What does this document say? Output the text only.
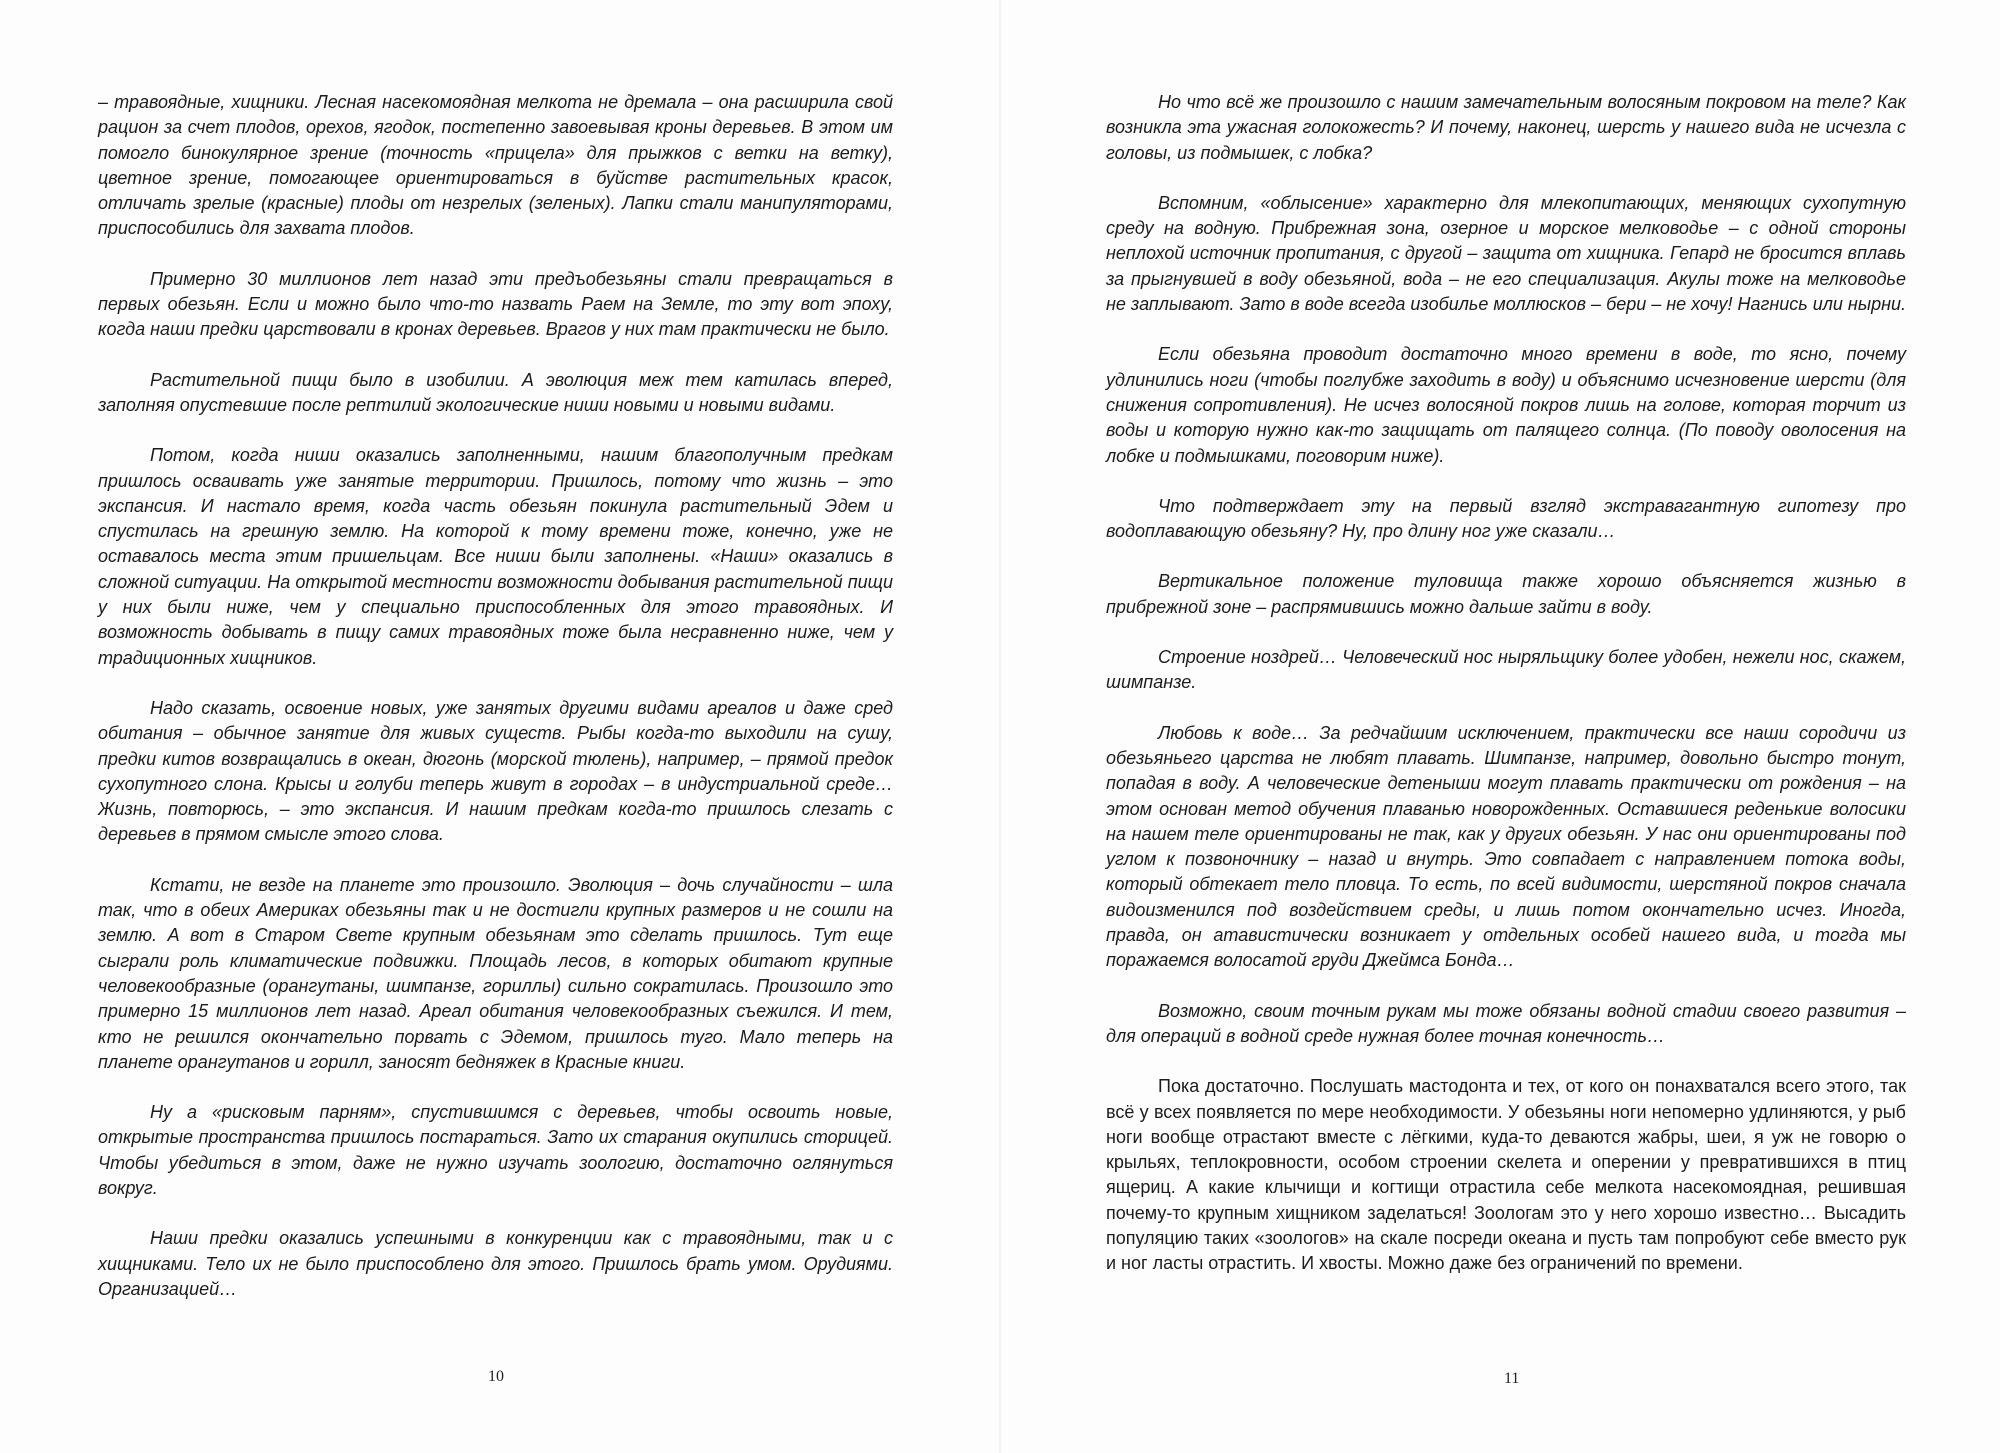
– травоядные, хищники. Лесная насекомоядная мелкота не дремала – она расширила свой рацион за счет плодов, орехов, ягодок, постепенно завоевывая кроны деревьев. В этом им помогло бинокулярное зрение (точность «прицела» для прыжков с ветки на ветку), цветное зрение, помогающее ориентироваться в буйстве растительных красок, отличать зрелые (красные) плоды от незрелых (зеленых). Лапки стали манипуляторами, приспособились для захвата плодов.

Примерно 30 миллионов лет назад эти предъобезьяны стали превращаться в первых обезьян. Если и можно было что-то назвать Раем на Земле, то эту вот эпоху, когда наши предки царствовали в кронах деревьев. Врагов у них там практически не было.

Растительной пищи было в изобилии. А эволюция меж тем катилась вперед, заполняя опустевшие после рептилий экологические ниши новыми и новыми видами.

Потом, когда ниши оказались заполненными, нашим благополучным предкам пришлось осваивать уже занятые территории. Пришлось, потому что жизнь – это экспансия. И настало время, когда часть обезьян покинула растительный Эдем и спустилась на грешную землю. На которой к тому времени тоже, конечно, уже не оставалось места этим пришельцам. Все ниши были заполнены. «Наши» оказались в сложной ситуации. На открытой местности возможности добывания растительной пищи у них были ниже, чем у специально приспособленных для этого травоядных. И возможность добывать в пищу самих травоядных тоже была несравненно ниже, чем у традиционных хищников.

Надо сказать, освоение новых, уже занятых другими видами ареалов и даже сред обитания – обычное занятие для живых существ. Рыбы когда-то выходили на сушу, предки китов возвращались в океан, дюгонь (морской тюлень), например, – прямой предок сухопутного слона. Крысы и голуби теперь живут в городах – в индустриальной среде… Жизнь, повторюсь, – это экспансия. И нашим предкам когда-то пришлось слезать с деревьев в прямом смысле этого слова.

Кстати, не везде на планете это произошло. Эволюция – дочь случайности – шла так, что в обеих Америках обезьяны так и не достигли крупных размеров и не сошли на землю. А вот в Старом Свете крупным обезьянам это сделать пришлось. Тут еще сыграли роль климатические подвижки. Площадь лесов, в которых обитают крупные человекообразные (орангутаны, шимпанзе, гориллы) сильно сократилась. Произошло это примерно 15 миллионов лет назад. Ареал обитания человекообразных съежился. И тем, кто не решился окончательно порвать с Эдемом, пришлось туго. Мало теперь на планете орангутанов и горилл, заносят бедняжек в Красные книги.

Ну а «рисковым парням», спустившимся с деревьев, чтобы освоить новые, открытые пространства пришлось постараться. Зато их старания окупились сторицей. Чтобы убедиться в этом, даже не нужно изучать зоологию, достаточно оглянуться вокруг.

Наши предки оказались успешными в конкуренции как с травоядными, так и с хищниками. Тело их не было приспособлено для этого. Пришлось брать умом. Орудиями. Организацией…

10

Но что всё же произошло с нашим замечательным волосяным покровом на теле? Как возникла эта ужасная голокожесть? И почему, наконец, шерсть у нашего вида не исчезла с головы, из подмышек, с лобка?

Вспомним, «облысение» характерно для млекопитающих, меняющих сухопутную среду на водную. Прибрежная зона, озерное и морское мелководье – с одной стороны неплохой источник пропитания, с другой – защита от хищника. Гепард не бросится вплавь за прыгнувшей в воду обезьяной, вода – не его специализация. Акулы тоже на мелководье не заплывают. Зато в воде всегда изобилье моллюсков – бери – не хочу! Нагнись или нырни.

Если обезьяна проводит достаточно много времени в воде, то ясно, почему удлинились ноги (чтобы поглубже заходить в воду) и объяснимо исчезновение шерсти (для снижения сопротивления). Не исчез волосяной покров лишь на голове, которая торчит из воды и которую нужно как-то защищать от палящего солнца. (По поводу оволосения на лобке и подмышками, поговорим ниже).

Что подтверждает эту на первый взгляд экстравагантную гипотезу про водоплавающую обезьяну? Ну, про длину ног уже сказали…

Вертикальное положение туловища также хорошо объясняется жизнью в прибрежной зоне – распрямившись можно дальше зайти в воду.

Строение ноздрей… Человеческий нос ныряльщику более удобен, нежели нос, скажем, шимпанзе.

Любовь к воде… За редчайшим исключением, практически все наши сородичи из обезьяньего царства не любят плавать. Шимпанзе, например, довольно быстро тонут, попадая в воду. А человеческие детеныши могут плавать практически от рождения – на этом основан метод обучения плаванью новорожденных. Оставшиеся реденькие волосики на нашем теле ориентированы не так, как у других обезьян. У нас они ориентированы под углом к позвоночнику – назад и внутрь. Это совпадает с направлением потока воды, который обтекает тело пловца. То есть, по всей видимости, шерстяной покров сначала видоизменился под воздействием среды, и лишь потом окончательно исчез. Иногда, правда, он атавистически возникает у отдельных особей нашего вида, и тогда мы поражаемся волосатой груди Джеймса Бонда…

Возможно, своим точным рукам мы тоже обязаны водной стадии своего развития – для операций в водной среде нужная более точная конечность…

Пока достаточно. Послушать мастодонта и тех, от кого он понахватался всего этого, так всё у всех появляется по мере необходимости. У обезьяны ноги непомерно удлиняются, у рыб ноги вообще отрастают вместе с лёгкими, куда-то деваются жабры, шеи, я уж не говорю о крыльях, теплокровности, особом строении скелета и оперении у превратившихся в птиц ящериц. А какие клычищи и когтищи отрастила себе мелкота насекомоядная, решившая почему-то крупным хищником заделаться! Зоологам это у него хорошо известно… Высадить популяцию таких «зоологов» на скале посреди океана и пусть там попробуют себе вместо рук и ног ласты отрастить. И хвосты. Можно даже без ограничений по времени.

11
